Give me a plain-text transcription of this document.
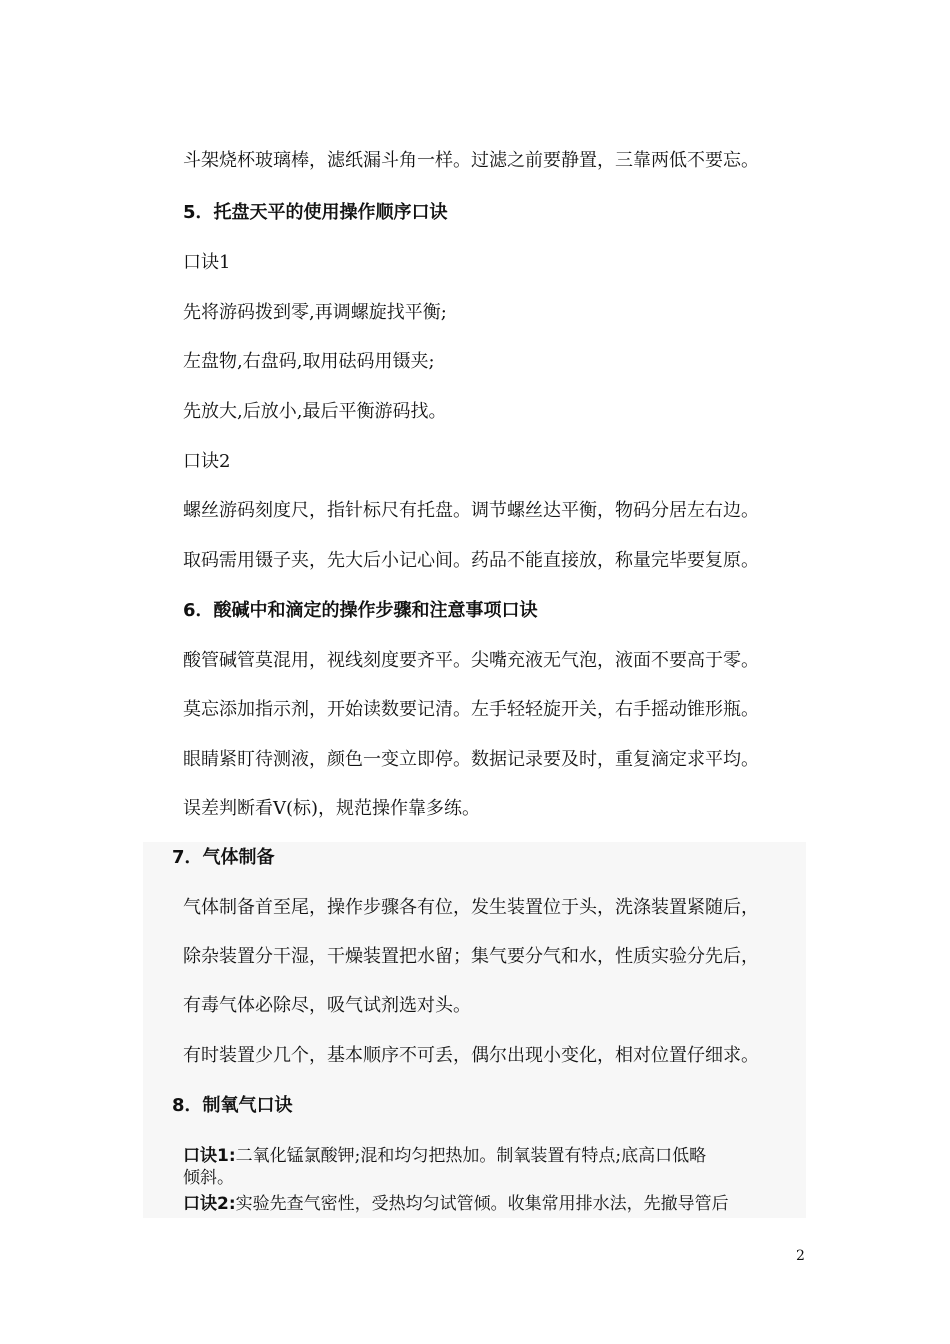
斗架烧杯玻璃棒，滤纸漏斗角一样。过滤之前要静置，三靠两低不要忘。
5．托盘天平的使用操作顺序口诀
口诀1
先将游码拨到零,再调螺旋找平衡;
左盘物,右盘码,取用砝码用镊夹;
先放大,后放小,最后平衡游码找。
口诀2
螺丝游码刻度尺，指针标尺有托盘。调节螺丝达平衡，物码分居左右边。
取码需用镊子夹，先大后小记心间。药品不能直接放，称量完毕要复原。
6．酸碱中和滴定的操作步骤和注意事项口诀
酸管碱管莫混用，视线刻度要齐平。尖嘴充液无气泡，液面不要高于零。
莫忘添加指示剂，开始读数要记清。左手轻轻旋开关，右手摇动锥形瓶。
眼睛紧盯待测液，颜色一变立即停。数据记录要及时，重复滴定求平均。
误差判断看V(标)，规范操作靠多练。
7．气体制备
气体制备首至尾，操作步骤各有位，发生装置位于头，洗涤装置紧随后，
除杂装置分干湿，干燥装置把水留；集气要分气和水，性质实验分先后，
有毒气体必除尽，吸气试剂选对头。
有时装置少几个，基本顺序不可丢，偶尔出现小变化，相对位置仔细求。
8．制氧气口诀
口诀1:二氧化锰氯酸钾;混和均匀把热加。制氧装置有特点;底高口低略
倾斜。
口诀2:实验先查气密性，受热均匀试管倾。收集常用排水法，先撤导管后
2
